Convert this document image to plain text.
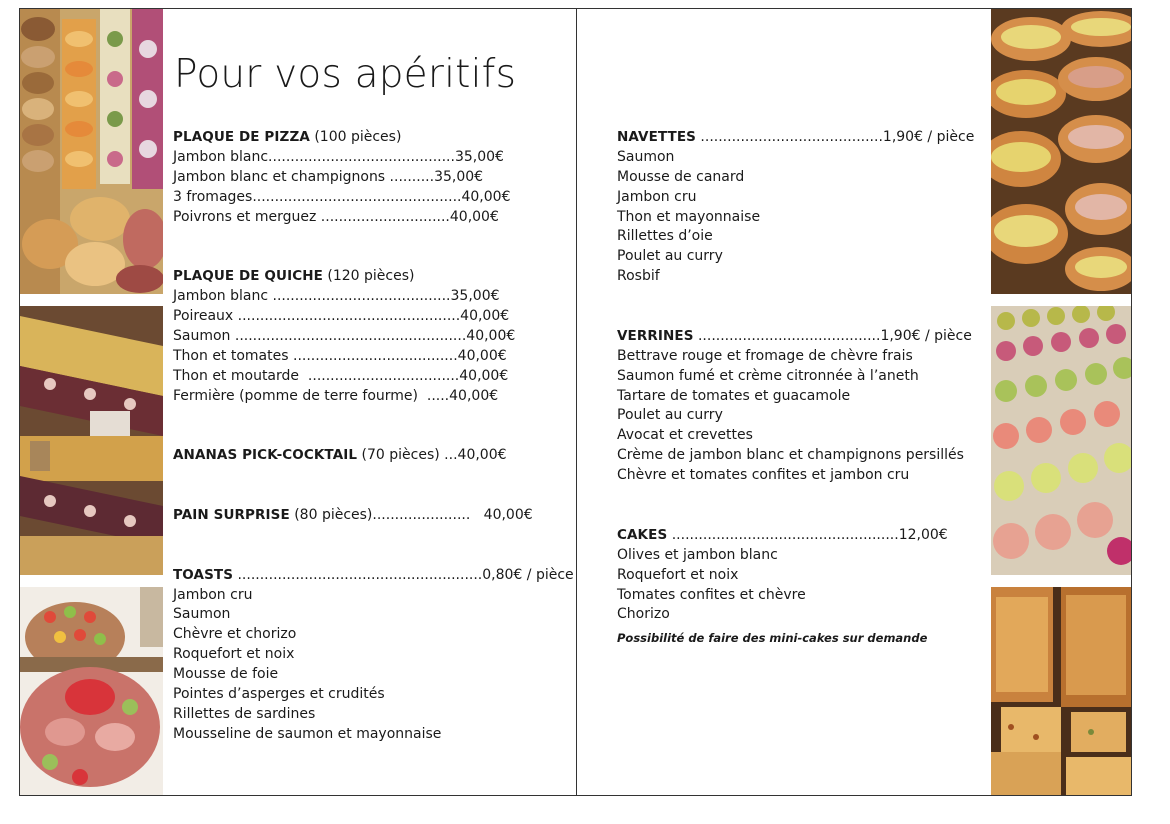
Pour vos apéritifs
PLAQUE DE PIZZA (100 pièces)
Jambon blanc..........................................35,00€
Jambon blanc et champignons ..........35,00€
3 fromages...............................................40,00€
Poivrons et merguez .............................40,00€
PLAQUE DE QUICHE (120 pièces)
Jambon blanc ........................................35,00€
Poireaux ..................................................40,00€
Saumon ....................................................40,00€
Thon et tomates .....................................40,00€
Thon et moutarde  ..................................40,00€
Fermière (pomme de terre fourme)  .....40,00€
ANANAS PICK-COCKTAIL (70 pièces) ...40,00€
PAIN SURPRISE (80 pièces)......................   40,00€
TOASTS .......................................................0,80€ / pièce
Jambon cru
Saumon
Chèvre et chorizo
Roquefort et noix
Mousse de foie
Pointes d’asperges et crudités
Rillettes de sardines
Mousseline de saumon et mayonnaise
NAVETTES .........................................1,90€ / pièce
Saumon
Mousse de canard
Jambon cru
Thon et mayonnaise
Rillettes d’oie
Poulet au curry
Rosbif
VERRINES .........................................1,90€ / pièce
Bettrave rouge et fromage de chèvre frais
Saumon fumé et crème citronnée à l’aneth
Tartare de tomates et guacamole
Poulet au curry
Avocat et crevettes
Crème de jambon blanc et champignons persillés
Chèvre et tomates confites et jambon cru
CAKES ...................................................12,00€
Olives et jambon blanc
Roquefort et noix
Tomates confites et chèvre
Chorizo
Possibilité de faire des mini-cakes sur demande
